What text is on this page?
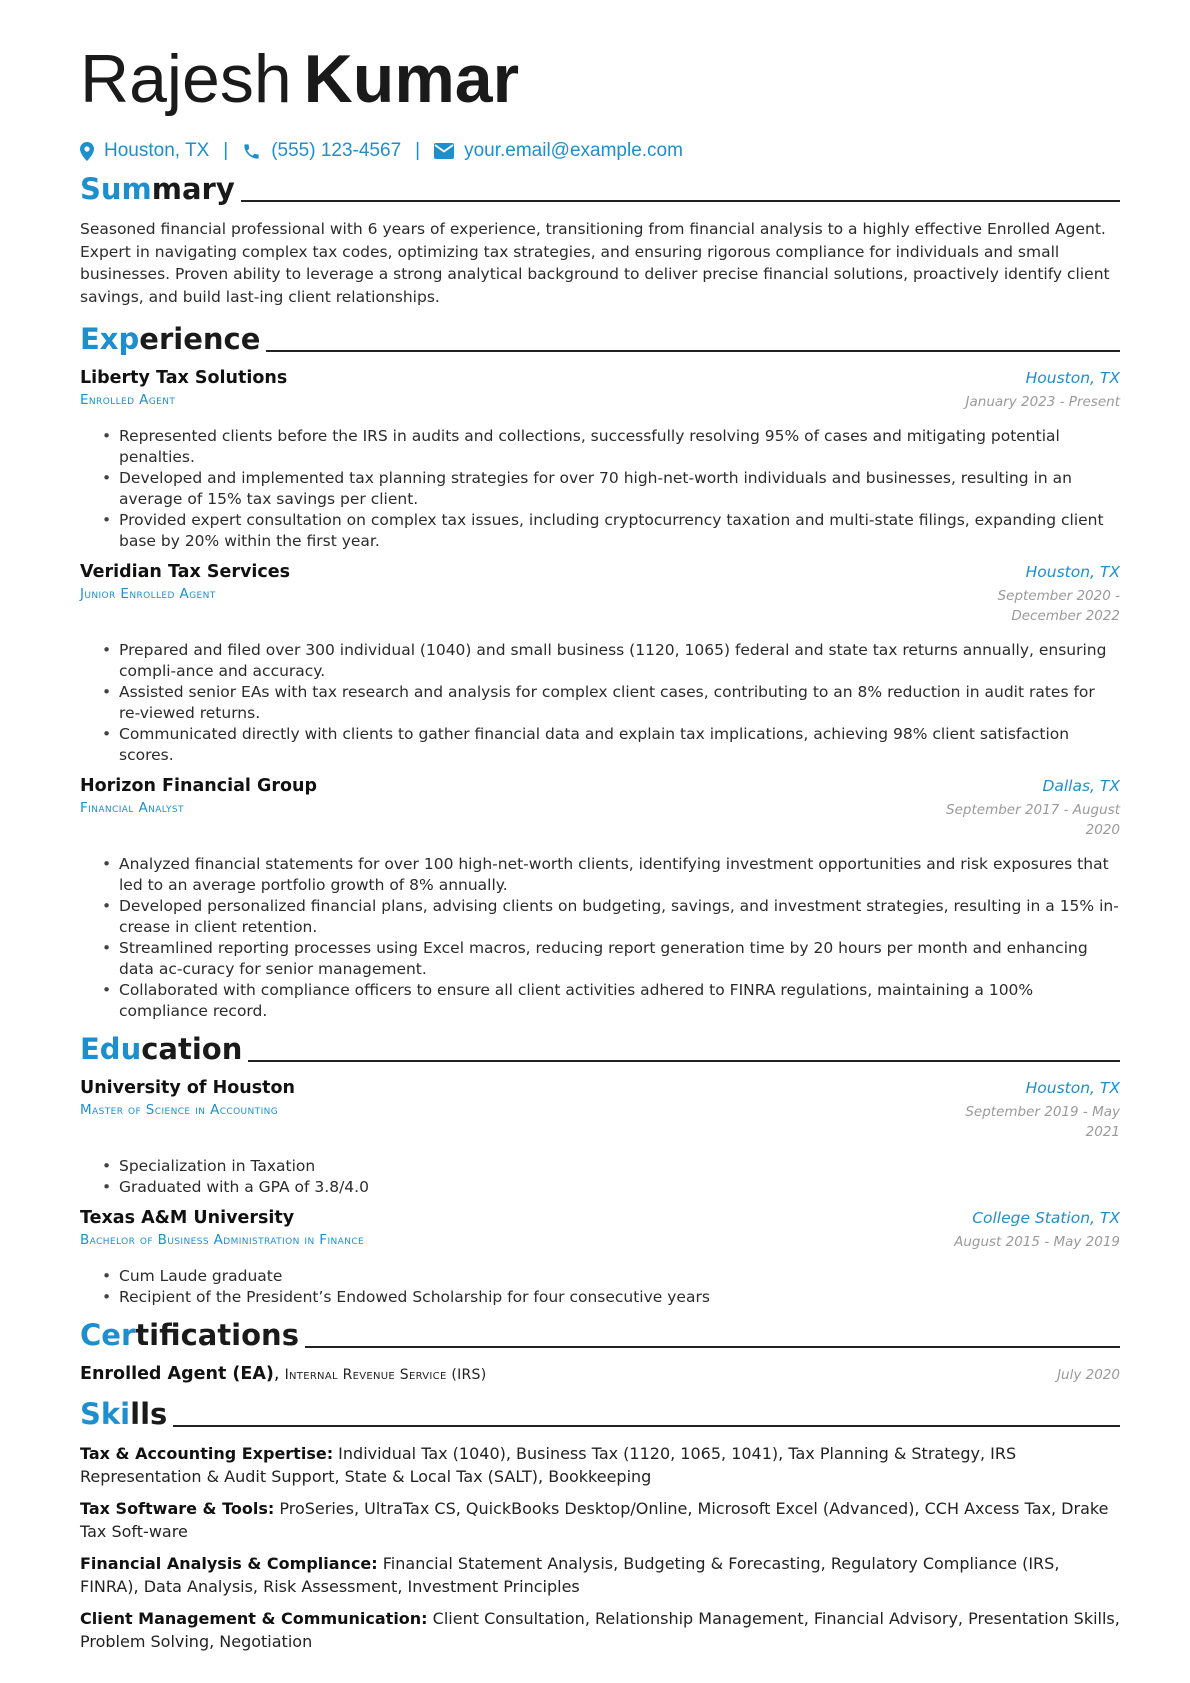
Rajesh Kumar
Houston, TX | (555) 123-4567 | your.email@example.com
Summary

Seasoned financial professional with 6 years of experience, transitioning from financial analysis to a highly effective Enrolled Agent. Expert in navigating complex tax codes, optimizing tax strategies, and ensuring rigorous compliance for individuals and small businesses. Proven ability to leverage a strong analytical background to deliver precise financial solutions, proactively identify client savings, and build last-ing client relationships.

Experience
Liberty Tax Solutions	Houston, TX
Enrolled Agent	January 2023 - Present
• Represented clients before the IRS in audits and collections, successfully resolving 95% of cases and mitigating potential penalties.
• Developed and implemented tax planning strategies for over 70 high-net-worth individuals and businesses, resulting in an average of 15% tax savings per client.
• Provided expert consultation on complex tax issues, including cryptocurrency taxation and multi-state filings, expanding client base by 20% within the first year.
Veridian Tax Services	Houston, TX
Junior Enrolled Agent	September 2020 - December 2022
• Prepared and filed over 300 individual (1040) and small business (1120, 1065) federal and state tax returns annually, ensuring compli-ance and accuracy.
• Assisted senior EAs with tax research and analysis for complex client cases, contributing to an 8% reduction in audit rates for re-viewed returns.
• Communicated directly with clients to gather financial data and explain tax implications, achieving 98% client satisfaction scores.
Horizon Financial Group	Dallas, TX
Financial Analyst	September 2017 - August 2020
• Analyzed financial statements for over 100 high-net-worth clients, identifying investment opportunities and risk exposures that led to an average portfolio growth of 8% annually.
• Developed personalized financial plans, advising clients on budgeting, savings, and investment strategies, resulting in a 15% in-crease in client retention.
• Streamlined reporting processes using Excel macros, reducing report generation time by 20 hours per month and enhancing data ac-curacy for senior management.
• Collaborated with compliance officers to ensure all client activities adhered to FINRA regulations, maintaining a 100% compliance record.
Education
University of Houston	Houston, TX
Master of Science in Accounting	September 2019 - May 2021
• Specialization in Taxation
• Graduated with a GPA of 3.8/4.0
Texas A&M University	College Station, TX
Bachelor of Business Administration in Finance	August 2015 - May 2019
• Cum Laude graduate
• Recipient of the President’s Endowed Scholarship for four consecutive years
Certifications
Enrolled Agent (EA), Internal Revenue Service (IRS)	July 2020
Skills

Tax & Accounting Expertise: Individual Tax (1040), Business Tax (1120, 1065, 1041), Tax Planning & Strategy, IRS Representation & Audit Support, State & Local Tax (SALT), Bookkeeping

Tax Software & Tools: ProSeries, UltraTax CS, QuickBooks Desktop/Online, Microsoft Excel (Advanced), CCH Axcess Tax, Drake Tax Soft-ware

Financial Analysis & Compliance: Financial Statement Analysis, Budgeting & Forecasting, Regulatory Compliance (IRS, FINRA), Data Analysis, Risk Assessment, Investment Principles

Client Management & Communication: Client Consultation, Relationship Management, Financial Advisory, Presentation Skills, Problem Solving, Negotiation
